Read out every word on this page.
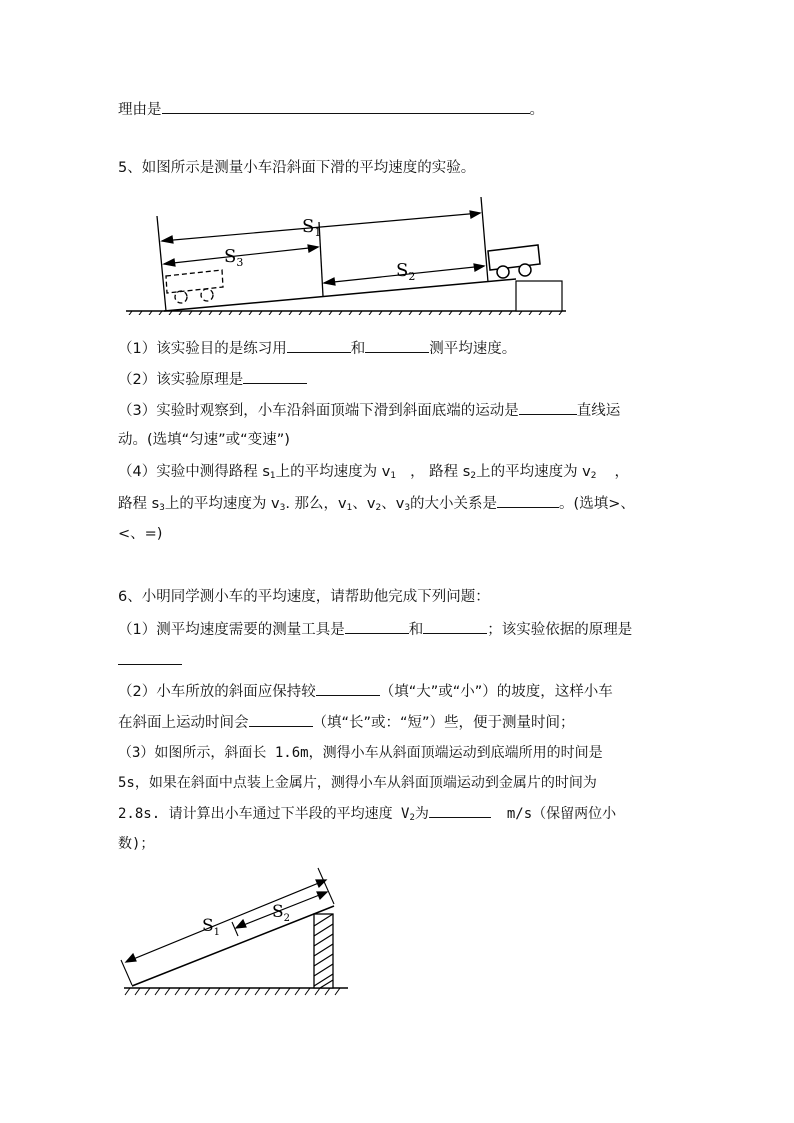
理由是	。
5、如图所示是测量小车沿斜面下滑的平均速度的实验。
$S_1$
$S_3$	$S_2$
（1）该实验目的是练习用	和	测平均速度。
（2）该实验原理是
（3）实验时观察到，小车沿斜面顶端下滑到斜面底端的运动是	直线运
动。(选填“匀速”或“变速”)
（4）实验中测得路程 $s_1$上的平均速度为 $v_1$ ， 路程 $s_2$上的平均速度为 $v_2$ ，
路程 $s_3$上的平均速度为 $v_3$. 那么，$v_1$、$v_2$、$v_3$的大小关系是	。(选填>、
<、=)
6、小明同学测小车的平均速度，请帮助他完成下列问题：
（1）测平均速度需要的测量工具是	和	；该实验依据的原理是
（2）小车所放的斜面应保持较	（填“大”或“小”）的坡度，这样小车
在斜面上运动时间会	（填“长”或：“短”）些，便于测量时间；
（3）如图所示，斜面长 1.6m，测得小车从斜面顶端运动到底端所用的时间是
5s，如果在斜面中点装上金属片，测得小车从斜面顶端运动到金属片的时间为
2.8s. 请计算出小车通过下半段的平均速度 $V_2$为	m/s（保留两位小
数)；
$S_1$
$S_2$
